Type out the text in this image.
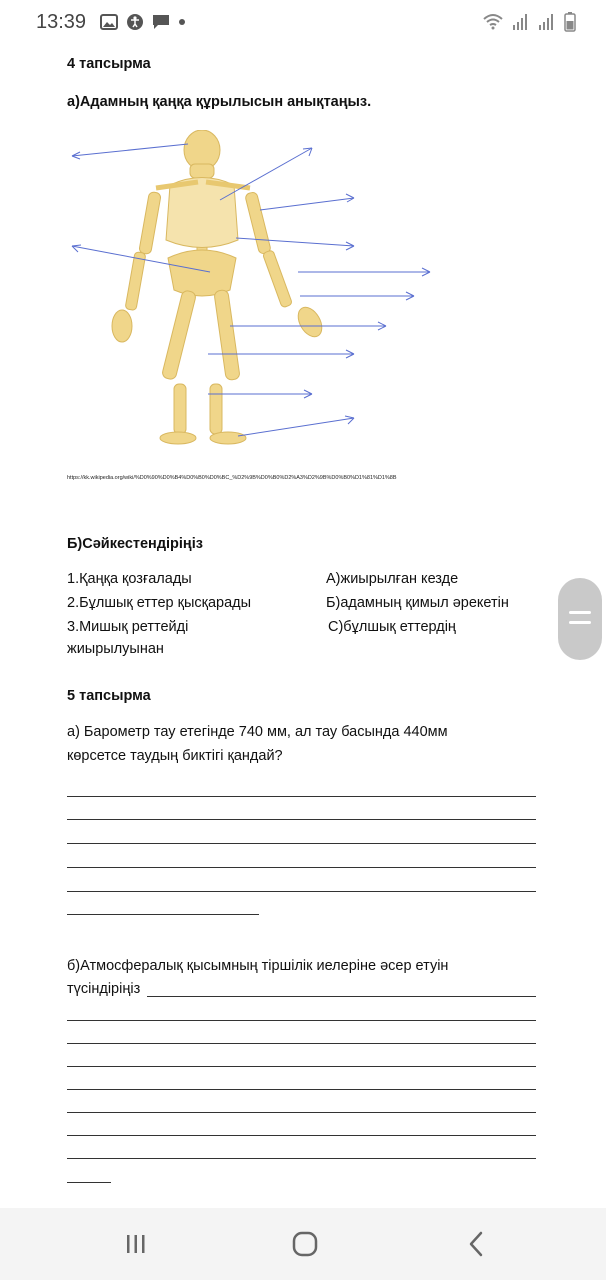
13:39
4 тапсырма
а)Адамның қаңқа құрылысын анықтаңыз.
https://kk.wikipedia.org/wiki/%D0%90%D0%B4%D0%B0%D0%BC_%D2%9B%D0%B0%D2%A3%D2%9B%D0%B0%D1%81%D1%8B
Б)Сәйкестендіріңіз
1.Қаңқа қозғалады
2.Бұлшық еттер қысқарады
3.Мишық реттейді
жиырылуынан
А)жиырылған кезде
Б)адамның қимыл әрекетін
С)бұлшық еттердің
5 тапсырма
а) Барометр тау етегінде 740 мм, ал тау басында 440мм
көрсетсе таудың биктігі қандай?
б)Атмосфералық қысымның тіршілік иелеріне әсер етуін
түсіндіріңіз
